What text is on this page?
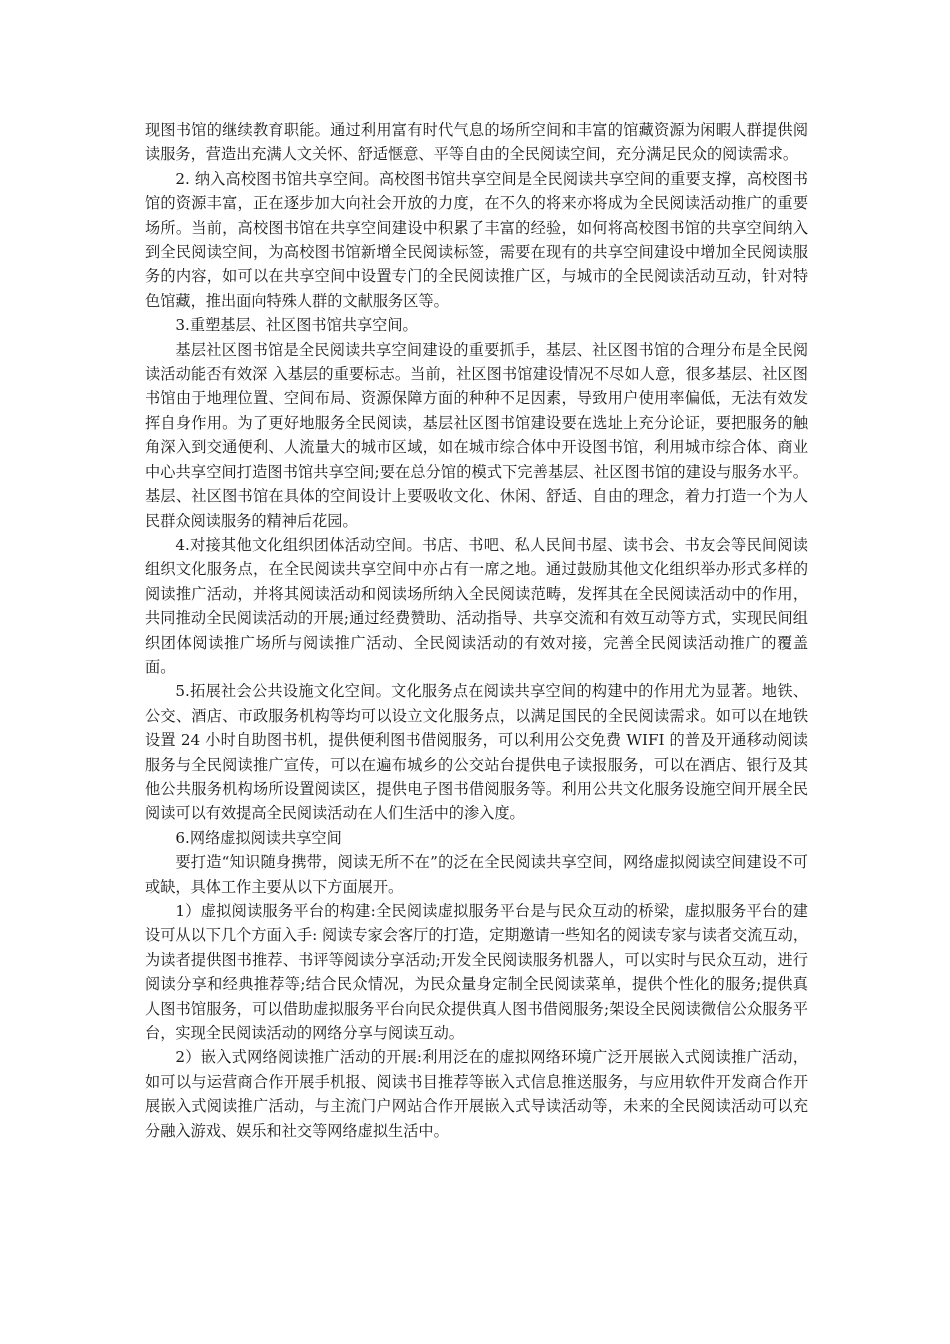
现图书馆的继续教育职能。通过利用富有时代气息的场所空间和丰富的馆藏资源为闲暇人群提供阅读服务，营造出充满人文关怀、舒适惬意、平等自由的全民阅读空间，充分满足民众的阅读需求。

2. 纳入高校图书馆共享空间。高校图书馆共享空间是全民阅读共享空间的重要支撑，高校图书馆的资源丰富，正在逐步加大向社会开放的力度，在不久的将来亦将成为全民阅读活动推广的重要场所。当前，高校图书馆在共享空间建设中积累了丰富的经验，如何将高校图书馆的共享空间纳入到全民阅读空间，为高校图书馆新增全民阅读标签，需要在现有的共享空间建设中增加全民阅读服务的内容，如可以在共享空间中设置专门的全民阅读推广区，与城市的全民阅读活动互动，针对特色馆藏，推出面向特殊人群的文献服务区等。

3.重塑基层、社区图书馆共享空间。

基层社区图书馆是全民阅读共享空间建设的重要抓手，基层、社区图书馆的合理分布是全民阅读活动能否有效深 入基层的重要标志。当前，社区图书馆建设情况不尽如人意，很多基层、社区图书馆由于地理位置、空间布局、资源保障方面的种种不足因素，导致用户使用率偏低，无法有效发挥自身作用。为了更好地服务全民阅读，基层社区图书馆建设要在选址上充分论证，要把服务的触角深入到交通便利、人流量大的城市区域，如在城市综合体中开设图书馆，利用城市综合体、商业中心共享空间打造图书馆共享空间;要在总分馆的模式下完善基层、社区图书馆的建设与服务水平。基层、社区图书馆在具体的空间设计上要吸收文化、休闲、舒适、自由的理念，着力打造一个为人民群众阅读服务的精神后花园。

4.对接其他文化组织团体活动空间。书店、书吧、私人民间书屋、读书会、书友会等民间阅读组织文化服务点，在全民阅读共享空间中亦占有一席之地。通过鼓励其他文化组织举办形式多样的阅读推广活动，并将其阅读活动和阅读场所纳入全民阅读范畴，发挥其在全民阅读活动中的作用，共同推动全民阅读活动的开展;通过经费赞助、活动指导、共享交流和有效互动等方式，实现民间组织团体阅读推广场所与阅读推广活动、全民阅读活动的有效对接，完善全民阅读活动推广的覆盖面。

5.拓展社会公共设施文化空间。文化服务点在阅读共享空间的构建中的作用尤为显著。地铁、公交、酒店、市政服务机构等均可以设立文化服务点，以满足国民的全民阅读需求。如可以在地铁设置 24 小时自助图书机，提供便利图书借阅服务，可以利用公交免费 WIFI 的普及开通移动阅读服务与全民阅读推广宣传，可以在遍布城乡的公交站台提供电子读报服务，可以在酒店、银行及其他公共服务机构场所设置阅读区，提供电子图书借阅服务等。利用公共文化服务设施空间开展全民阅读可以有效提高全民阅读活动在人们生活中的渗入度。

6.网络虚拟阅读共享空间

要打造“知识随身携带，阅读无所不在”的泛在全民阅读共享空间，网络虚拟阅读空间建设不可或缺，具体工作主要从以下方面展开。

1）虚拟阅读服务平台的构建:全民阅读虚拟服务平台是与民众互动的桥梁，虚拟服务平台的建设可从以下几个方面入手: 阅读专家会客厅的打造，定期邀请一些知名的阅读专家与读者交流互动，为读者提供图书推荐、书评等阅读分享活动;开发全民阅读服务机器人，可以实时与民众互动，进行阅读分享和经典推荐等;结合民众情况，为民众量身定制全民阅读菜单，提供个性化的服务;提供真人图书馆服务，可以借助虚拟服务平台向民众提供真人图书借阅服务;架设全民阅读微信公众服务平台，实现全民阅读活动的网络分享与阅读互动。

2）嵌入式网络阅读推广活动的开展:利用泛在的虚拟网络环境广泛开展嵌入式阅读推广活动，如可以与运营商合作开展手机报、阅读书目推荐等嵌入式信息推送服务，与应用软件开发商合作开展嵌入式阅读推广活动，与主流门户网站合作开展嵌入式导读活动等，未来的全民阅读活动可以充分融入游戏、娱乐和社交等网络虚拟生活中。
